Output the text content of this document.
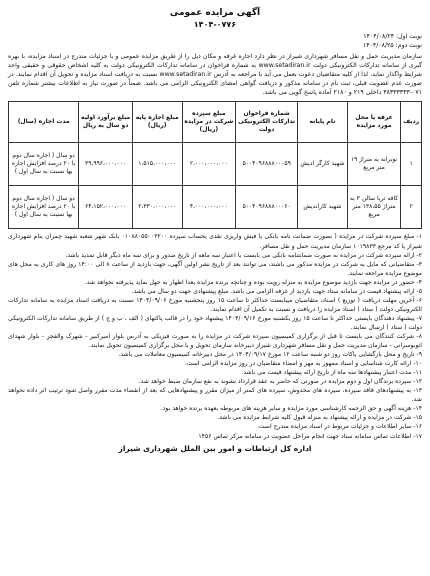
آگهی مزایده عمومی
۱۴۰۴-۰۷۷۶
نوبت اول: ۱۴۰۴/۰۸/۲۴
نوبت دوم: ۱۴۰۴/۰۸/۲۵
سازمان مدیریت حمل و نقل مسافر شهرداری شیراز در نظر دارد اجاره غرفه و مکان ذیل را از طریق مزایده عمومی و با جزئیات مندرج در اسناد مزایده، با بهره گیری از سامانه تدارکات الکترونیکی دولت www.setadiran.ir به شماره فراخوان در سامانه تدارکات الکترونیکی دولت به کلیه اشخاص حقوقی و حقیقی واجد شرایط واگذار نماید، لذا از کلیه متقاضیان دعوت بعمل می آید با مراجعه به آدرس www.setadiran.ir نسبت به دریافت اسناد مزایده و تحویل آن اقدام نمایند. در صورت عدم عضویت قبلی، ثبت نام در سامانه مذکور و دریافت گواهی امضای الکترونیکی الزامی می باشد. ضمناً در صورت نیاز به اطلاعات بیشتر شماره تلفن ۰۷۱-۳۸۳۳۳۳۳۳ داخلی ۲۱۹ و ۲۱۸۰ آماده پاسخ گویی می باشد.
ردیف	غرفه یا محل مورد مزایده	نام پایانه	شماره فراخوان تدارکات الکترونیکی دولت	مبلغ سپرده شرکت در مزایده (ریال)	مبلغ اجاره پایه (ریال)	مبلغ برآورد اولیه دو سال به ریال	مدت اجاره (سال)
۱	نوبرانه به متراژ ۱۹ متر مربع	شهید کارگر ادیش	۵۰۰۴۰۹۶۸۸۸۰۰۰۵۹	۲،۰۰۰،۰۰۰،۰۰۰	۱،۵۱۵،۰۰۰،۰۰۰	۳۹،۹۹۶،۰۰۰،۰۰۰	دو سال ( اجاره سال دوم با ۲۰ درصد افزایش اجاره بها نسبت به سال اول )
۲	کافه تریا سالن ۳ به متراژ ۱۳۸،۵۵ متر مربع	شهید کاراندیش	۵۰۰۴۰۹۶۸۸۸۰۰۰۶۰	۴،۰۰۰،۰۰۰،۰۰۰	۲،۳۳۰،۰۰۰،۰۰۰	۶۴،۱۵۲،۰۰۰،۰۰۰	دو سال ( اجاره سال دوم با ۲۰ درصد افزایش اجاره بها نسبت به سال اول )

۱- مبلغ سپرده شرکت در مزایده ( بصورت ضمانت نامه بانکی یا فیش واریزی نقدی بحساب سپرده ۰۱۰۸۸۰۵۵۰۰۳۲۰۰ بانک شهر شعبه شهید چمران بنام شهرداری شیراز یا کد مرجع ۱۰۱۹۸۳۳ سازمان مدیریت حمل و نقل مسافر.

۲- ارائه سپرده شرکت در مزایده به صورت ضمانتنامه بانکی می بایست با اعتبار سه ماهه از تاریخ صدور و برای سه ماه دیگر قابل تمدید باشد.

۳- متقاضیانی که مایل به شرکت در مزایده مذکور می باشند، می توانند بعد از تاریخ نشر اولین آگهی، جهت بازدید از ساعت ۸ الی ۱۴:۰۰ روز های کاری به محل های موضوع مزایده مراجعه نمایند.

۴- حضور در مزایده جهت بازدید موضوع مزایده به منزله رویت بوده و چنانچه برنده مزایده بعدا اظهار به جهل نماید پذیرفته نخواهد شد.

۵- ارائه پیشنهاد قیمت در سامانه ستاد جهت بازدید از غرفه الزامی می باشد. مبلغ پیشنهادی جهت دو سال می باشد.

۶- آخرین مهلت دریافت ( توزیع ) اسناد، متقاضیان میبایست حداکثر تا ساعت ۱۵ روز پنجشنبه مورخ ۱۴۰۴/۰۹/۰۶ نسبت به دریافت اسناد مزایده به سامانه تدارکات الکترونیکی دولت ( ستاد ) اسناد مزایده را دریافت و نسبت به تکمیل آن اقدام نمایند.

۷- پیشنهاد دهندگان بایستی حداکثر تا ساعت ۱۵ روز یکشنبه مورخ ۱۴۰۴/۰۹/۱۶ پیشنهاد خود را در قالب پاکتهای ( الف ، ب و ج ) از طریق سامانه تدارکات الکترونیکی دولت ( ستاد ) ارسال نمایند.

۸- شرکت کنندگان می بایست تا قبل از برگزاری کمیسیون سپرده شرکت در مزایده را به صورت فیزیکی به آدرس بلوار امیرکبیر - شهرک والفجر - بلوار شهدای اتوبوسرانی - سازمان مدیریت حمل و نقل مسافر شهرداری شیراز دبیرخانه سازمان تحویل و با محل برگزاری کمیسیون تحویل نمایند.

۹- تاریخ و محل بازگشایی پاکات روز دو شنبه ساعت ۱۲ مورخ ۱۴۰۴/۰۹/۱۷ در محل دبیرخانه کمیسیون معاملات می باشد.

۱۰- ارائه کارت شناسایی و اسناد ممهور به مهر و امضاء متقاضیان در روز مزایده الزامی است.

۱۱- مدت اعتبار پیشنهادها سه ماه از تاریخ ارائه پیشنهاد قیمت می باشد.

۱۲- سپرده برندگان اول و دوم مزایده در صورتی که حاضر به عقد قرارداد نشوند به نفع سازمان ضبط خواهد شد.

۱۳- به پیشنهادهای فاقد سپرده، سپرده های مخدوش، سپرده های کمتر از میزان مقرر و پیشنهادهایی که بعد از انقضاء مدت مقرر واصل شود ترتیب اثر داده نخواهد شد.

۱۴- هزینه آگهی و حق الزحمه کارشناسی مورد مزایده و سایر هزینه های مربوطه بعهده برنده خواهد بود.

۱۵- شرکت در مزایده و ارائه پیشنهاد به منزله قبول کلیه شرایط مزایده می باشد.

۱۶- سایر اطلاعات و جزئیات مربوط در اسناد مزایده مندرج است.

۱۷- اطلاعات تماس سامانه ستاد جهت انجام مراحل عضویت در سامانه مرکز تماس ۱۴۵۶

اداره کل ارتباطات و امور بین الملل شهرداری شیراز
